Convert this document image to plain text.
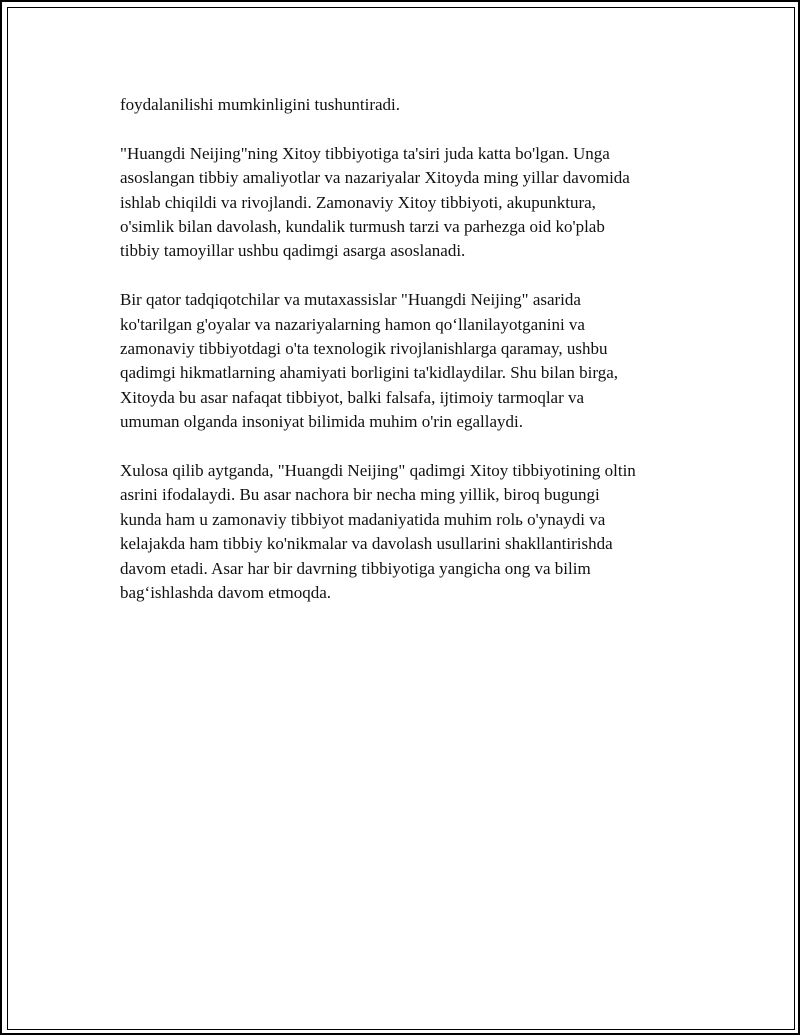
foydalanilishi mumkinligini tushuntiradi.

"Huangdi Neijing"ning Xitoy tibbiyotiga ta'siri juda katta bo'lgan. Unga
asoslangan tibbiy amaliyotlar va nazariyalar Xitoyda ming yillar davomida
ishlab chiqildi va rivojlandi. Zamonaviy Xitoy tibbiyoti, akupunktura,
o'simlik bilan davolash, kundalik turmush tarzi va parhezga oid ko'plab
tibbiy tamoyillar ushbu qadimgi asarga asoslanadi.

Bir qator tadqiqotchilar va mutaxassislar "Huangdi Neijing" asarida
ko'tarilgan g'oyalar va nazariyalarning hamon qo‘llanilayotganini va
zamonaviy tibbiyotdagi o'ta texnologik rivojlanishlarga qaramay, ushbu
qadimgi hikmatlarning ahamiyati borligini ta'kidlaydilar. Shu bilan birga,
Xitoyda bu asar nafaqat tibbiyot, balki falsafa, ijtimoiy tarmoqlar va
umuman olganda insoniyat bilimida muhim o'rin egallaydi.

Xulosa qilib aytganda, "Huangdi Neijing" qadimgi Xitoy tibbiyotining oltin
asrini ifodalaydi. Bu asar nachora bir necha ming yillik, biroq bugungi
kunda ham u zamonaviy tibbiyot madaniyatida muhim rolь o'ynaydi va
kelajakda ham tibbiy ko'nikmalar va davolash usullarini shakllantirishda
davom etadi. Asar har bir davrning tibbiyotiga yangicha ong va bilim
bag‘ishlashda davom etmoqda.
